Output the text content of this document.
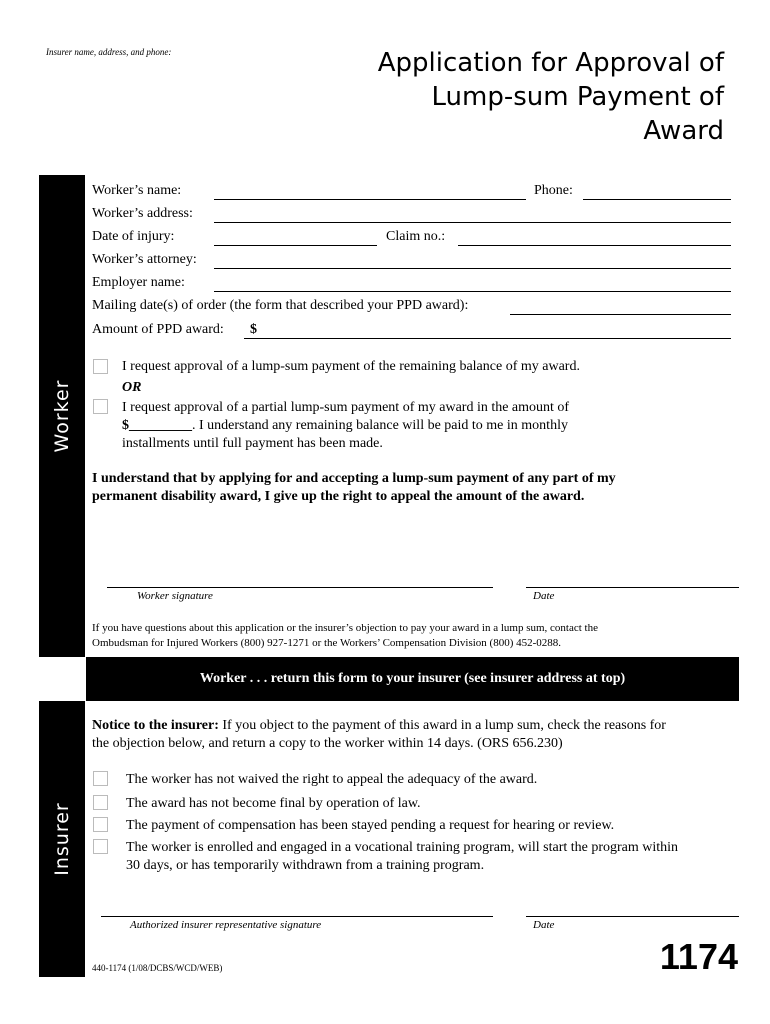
Insurer name, address, and phone:	Application for Approval of
Lump-sum Payment of
Award
Worker
Insurer
Worker’s name:	Phone:
Worker’s address:
Date of injury:	Claim no.:
Worker’s attorney:
Employer name:
Mailing date(s) of order (the form that described your PPD award):
Amount of PPD award: $
I request approval of a lump-sum payment of the remaining balance of my award.
OR
I request approval of a partial lump-sum payment of my award in the amount of
$_________. I understand any remaining balance will be paid to me in monthly
installments until full payment has been made.
I understand that by applying for and accepting a lump-sum payment of any part of my
permanent disability award, I give up the right to appeal the amount of the award.
Worker signature	Date
If you have questions about this application or the insurer’s objection to pay your award in a lump sum, contact the
Ombudsman for Injured Workers (800) 927-1271 or the Workers’ Compensation Division (800) 452-0288.
Worker . . . return this form to your insurer (see insurer address at top)
Notice to the insurer: If you object to the payment of this award in a lump sum, check the reasons for
the objection below, and return a copy to the worker within 14 days. (ORS 656.230)
The worker has not waived the right to appeal the adequacy of the award.
The award has not become final by operation of law.
The payment of compensation has been stayed pending a request for hearing or review.
The worker is enrolled and engaged in a vocational training program, will start the program within
30 days, or has temporarily withdrawn from a training program.
Authorized insurer representative signature	Date
440-1174 (1/08/DCBS/WCD/WEB)	1174
